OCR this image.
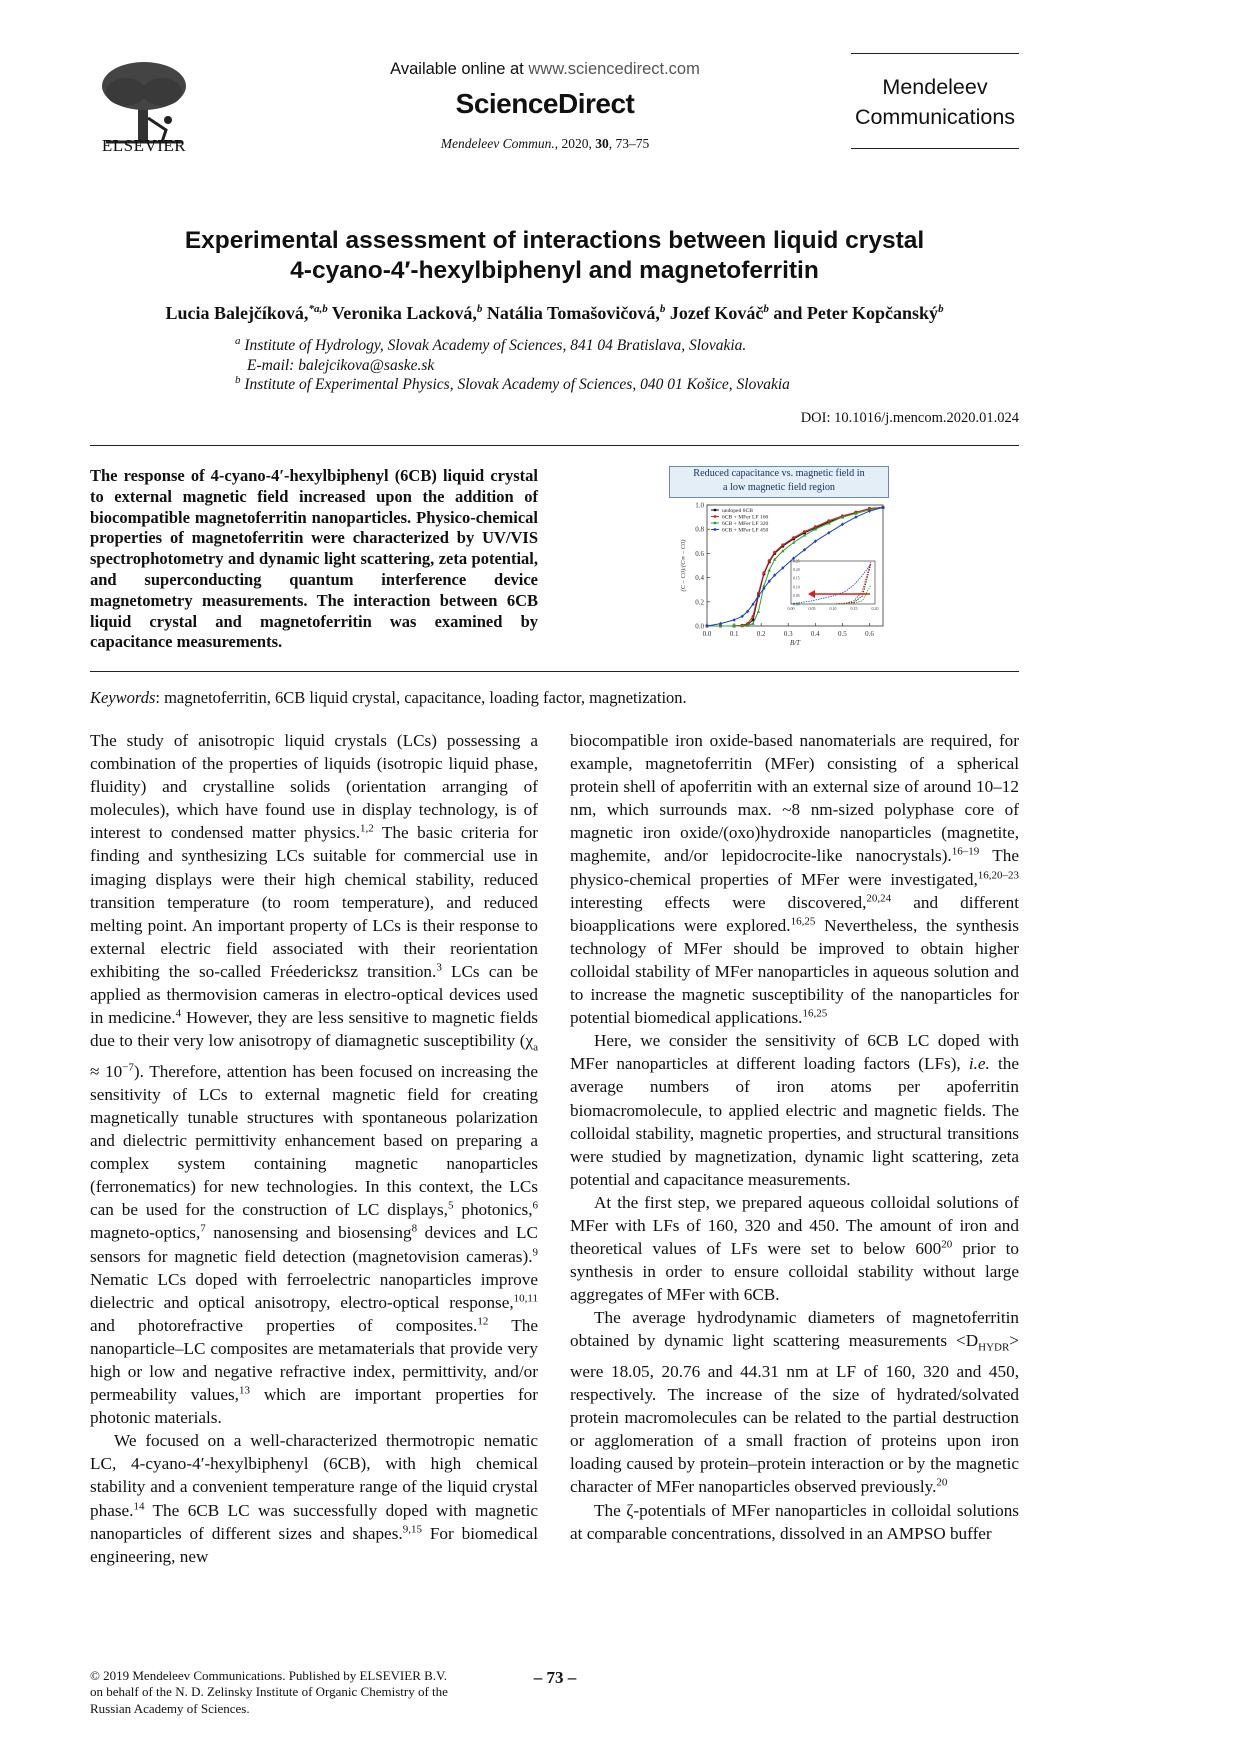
ELSEVIER
Available online at www.sciencedirect.com
ScienceDirect
Mendeleev Commun., 2020, 30, 73–75
Mendeleev
Communications
Experimental assessment of interactions between liquid crystal
4-cyano-4′-hexylbiphenyl and magnetoferritin
Lucia Balejčíková,$^{*a,b}$ Veronika Lacková,$^b$ Natália Tomašovičová,$^b$ Jozef Kováč$^b$ and Peter Kopčanský$^b$
$^a$ Institute of Hydrology, Slovak Academy of Sciences, 841 04 Bratislava, Slovakia.
E-mail: balejcikova@saske.sk
$^b$ Institute of Experimental Physics, Slovak Academy of Sciences, 040 01 Košice, Slovakia
DOI: 10.1016/j.mencom.2020.01.024
The response of 4-cyano-4′-hexylbiphenyl (6CB) liquid crystal to external magnetic field increased upon the addition of biocompatible magnetoferritin nanoparticles. Physico-chemical properties of magnetoferritin were characterized by UV/VIS spectrophotometry and dynamic light scattering, zeta potential, and superconducting quantum interference device magnetometry measurements. The interaction between 6CB liquid crystal and magnetoferritin was examined by capacitance measurements.
Reduced capacitance vs. magnetic field in
a low magnetic field region
0.0	0.1	0.2	0.3	0.4	0.5	0.6
0.0
0.2
0.4
0.6
0.8
1.0
B/T
(C – C0)/(C∞ – C0)
undoped 6CB
6CB + MFer LF 160
6CB + MFer LF 320
6CB + MFer LF 450
0.00	0.05	0.10	0.15	0.20
0.00
0.05
0.10
0.15
0.20
0.25
Keywords: magnetoferritin, 6CB liquid crystal, capacitance, loading factor, magnetization.

The study of anisotropic liquid crystals (LCs) possessing a combination of the properties of liquids (isotropic liquid phase, fluidity) and crystalline solids (orientation arranging of molecules), which have found use in display technology, is of interest to condensed matter physics.$^{1,2}$ The basic criteria for finding and synthesizing LCs suitable for commercial use in imaging displays were their high chemical stability, reduced transition temperature (to room temperature), and reduced melting point. An important property of LCs is their response to external electric field associated with their reorientation exhibiting the so-called Fréedericksz transition.$^3$ LCs can be applied as thermovision cameras in electro-optical devices used in medicine.$^4$ However, they are less sensitive to magnetic fields due to their very low anisotropy of diamagnetic susceptibility $(\chi_a \approx 10^{-7})$. Therefore, attention has been focused on increasing the sensitivity of LCs to external magnetic field for creating magnetically tunable structures with spontaneous polarization and dielectric permittivity enhancement based on preparing a complex system containing magnetic nanoparticles (ferronematics) for new technologies. In this context, the LCs can be used for the construction of LC displays,$^5$ photonics,$^6$ magneto-optics,$^7$ nanosensing and biosensing$^8$ devices and LC sensors for magnetic field detection (magnetovision cameras).$^9$ Nematic LCs doped with ferroelectric nanoparticles improve dielectric and optical anisotropy, electro-optical response,$^{10,11}$ and photorefractive properties of composites.$^{12}$ The nanoparticle–LC composites are metamaterials that provide very high or low and negative refractive index, permittivity, and/or permeability values,$^{13}$ which are important properties for photonic materials.

We focused on a well-characterized thermotropic nematic LC, 4-cyano-4′-hexylbiphenyl (6CB), with high chemical stability and a convenient temperature range of the liquid crystal phase.$^{14}$ The 6CB LC was successfully doped with magnetic nanoparticles of different sizes and shapes.$^{9,15}$ For biomedical engineering, new

biocompatible iron oxide-based nanomaterials are required, for example, magnetoferritin (MFer) consisting of a spherical protein shell of apoferritin with an external size of around 10–12 nm, which surrounds max. ~8 nm-sized polyphase core of magnetic iron oxide/(oxo)hydroxide nanoparticles (magnetite, maghemite, and/or lepidocrocite-like nanocrystals).$^{16-19}$ The physico-chemical properties of MFer were investigated,$^{16,20-23}$ interesting effects were discovered,$^{20,24}$ and different bioapplications were explored.$^{16,25}$ Nevertheless, the synthesis technology of MFer should be improved to obtain higher colloidal stability of MFer nanoparticles in aqueous solution and to increase the magnetic susceptibility of the nanoparticles for potential biomedical applications.$^{16,25}$

Here, we consider the sensitivity of 6CB LC doped with MFer nanoparticles at different loading factors (LFs), i.e. the average numbers of iron atoms per apoferritin biomacromolecule, to applied electric and magnetic fields. The colloidal stability, magnetic properties, and structural transitions were studied by magnetization, dynamic light scattering, zeta potential and capacitance measurements.

At the first step, we prepared aqueous colloidal solutions of MFer with LFs of 160, 320 and 450. The amount of iron and theoretical values of LFs were set to below $600^{20}$ prior to synthesis in order to ensure colloidal stability without large aggregates of MFer with 6CB.

The average hydrodynamic diameters of magnetoferritin obtained by dynamic light scattering measurements $<D_{HYDR}>$ were 18.05, 20.76 and 44.31 nm at LF of 160, 320 and 450, respectively. The increase of the size of hydrated/solvated protein macromolecules can be related to the partial destruction or agglomeration of a small fraction of proteins upon iron loading caused by protein–protein interaction or by the magnetic character of MFer nanoparticles observed previously.$^{20}$

The ζ-potentials of MFer nanoparticles in colloidal solutions at comparable concentrations, dissolved in an AMPSO buffer

© 2019 Mendeleev Communications. Published by ELSEVIER B.V.
on behalf of the N. D. Zelinsky Institute of Organic Chemistry of the
Russian Academy of Sciences.
– 73 –
